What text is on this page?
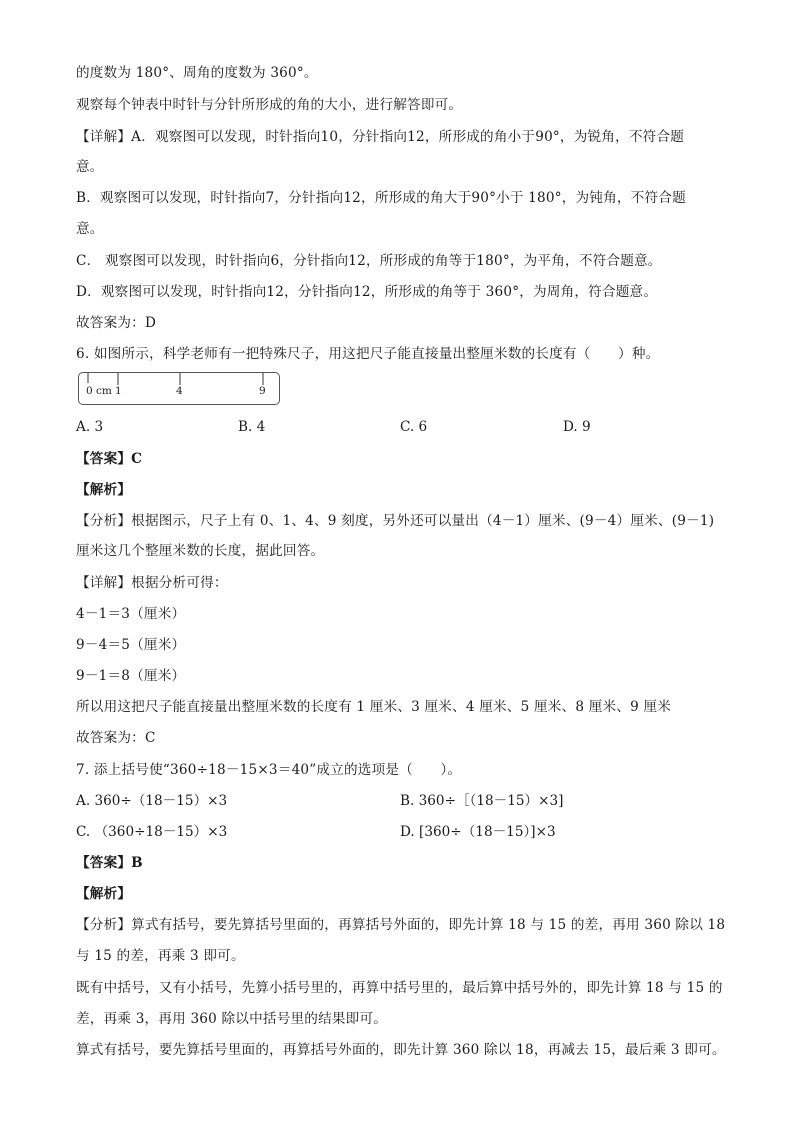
的度数为 180°、周角的度数为 360°。
观察每个钟表中时针与分针所形成的角的大小，进行解答即可。
【详解】A．观察图可以发现，时针指向10，分针指向12，所形成的角小于90°，为锐角，不符合题
意。
B．观察图可以发现，时针指向7，分针指向12，所形成的角大于90°小于 180°，为钝角，不符合题
意。
C． 观察图可以发现，时针指向6，分针指向12，所形成的角等于180°，为平角，不符合题意。
D．观察图可以发现，时针指向12，分针指向12，所形成的角等于 360°，为周角，符合题意。
故答案为：D
6. 如图所示，科学老师有一把特殊尺子，用这把尺子能直接量出整厘米数的长度有（　　）种。
0 cm 1	4	9
A. 3	B. 4	C. 6	D. 9
【答案】C
【解析】
【分析】根据图示，尺子上有 0、1、4、9 刻度，另外还可以量出（4－1）厘米、(9－4）厘米、(9－1)
厘米这几个整厘米数的长度，据此回答。
【详解】根据分析可得：
4－1＝3（厘米）
9－4＝5（厘米）
9－1＝8（厘米）
所以用这把尺子能直接量出整厘米数的长度有 1 厘米、3 厘米、4 厘米、5 厘米、8 厘米、9 厘米
故答案为：C
7. 添上括号使“360÷18－15×3＝40”成立的选项是（　　）。
A. 360÷（18－15）×3	B. 360÷［（18－15）×3]
C. （360÷18－15）×3	D. [360÷（18－15）]×3
【答案】B
【解析】
【分析】算式有括号，要先算括号里面的，再算括号外面的，即先计算 18 与 15 的差，再用 360 除以 18
与 15 的差，再乘 3 即可。
既有中括号，又有小括号，先算小括号里的，再算中括号里的，最后算中括号外的，即先计算 18 与 15 的
差，再乘 3，再用 360 除以中括号里的结果即可。
算式有括号，要先算括号里面的，再算括号外面的，即先计算 360 除以 18，再减去 15，最后乘 3 即可。
